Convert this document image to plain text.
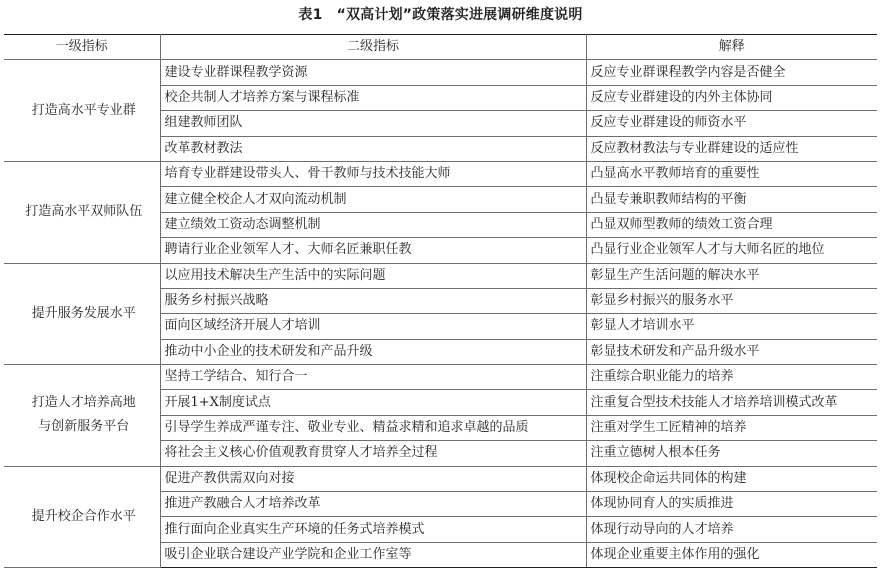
表1 “双高计划”政策落实进展调研维度说明
一级指标	二级指标	解释

打造高水平专业群	建设专业群课程教学资源	反应专业群课程教学内容是否健全
	校企共制人才培养方案与课程标准	反应专业群建设的内外主体协同
	组建教师团队	反应专业群建设的师资水平
	改革教材教法	反应教材教法与专业群建设的适应性

打造高水平双师队伍	培育专业群建设带头人、骨干教师与技术技能大师	凸显高水平教师培育的重要性
	建立健全校企人才双向流动机制	凸显专兼职教师结构的平衡
	建立绩效工资动态调整机制	凸显双师型教师的绩效工资合理
	聘请行业企业领军人才、大师名匠兼职任教	凸显行业企业领军人才与大师名匠的地位

提升服务发展水平	以应用技术解决生产生活中的实际问题	彰显生产生活问题的解决水平
	服务乡村振兴战略	彰显乡村振兴的服务水平
	面向区域经济开展人才培训	彰显人才培训水平
	推动中小企业的技术研发和产品升级	彰显技术研发和产品升级水平

打造人才培养高地
与创新服务平台	坚持工学结合、知行合一	注重综合职业能力的培养
	开展1+X制度试点	注重复合型技术技能人才培养培训模式改革
	引导学生养成严谨专注、敬业专业、精益求精和追求卓越的品质	注重对学生工匠精神的培养
	将社会主义核心价值观教育贯穿人才培养全过程	注重立德树人根本任务

提升校企合作水平	促进产教供需双向对接	体现校企命运共同体的构建
	推进产教融合人才培养改革	体现协同育人的实质推进
	推行面向企业真实生产环境的任务式培养模式	体现行动导向的人才培养
	吸引企业联合建设产业学院和企业工作室等	体现企业重要主体作用的强化
